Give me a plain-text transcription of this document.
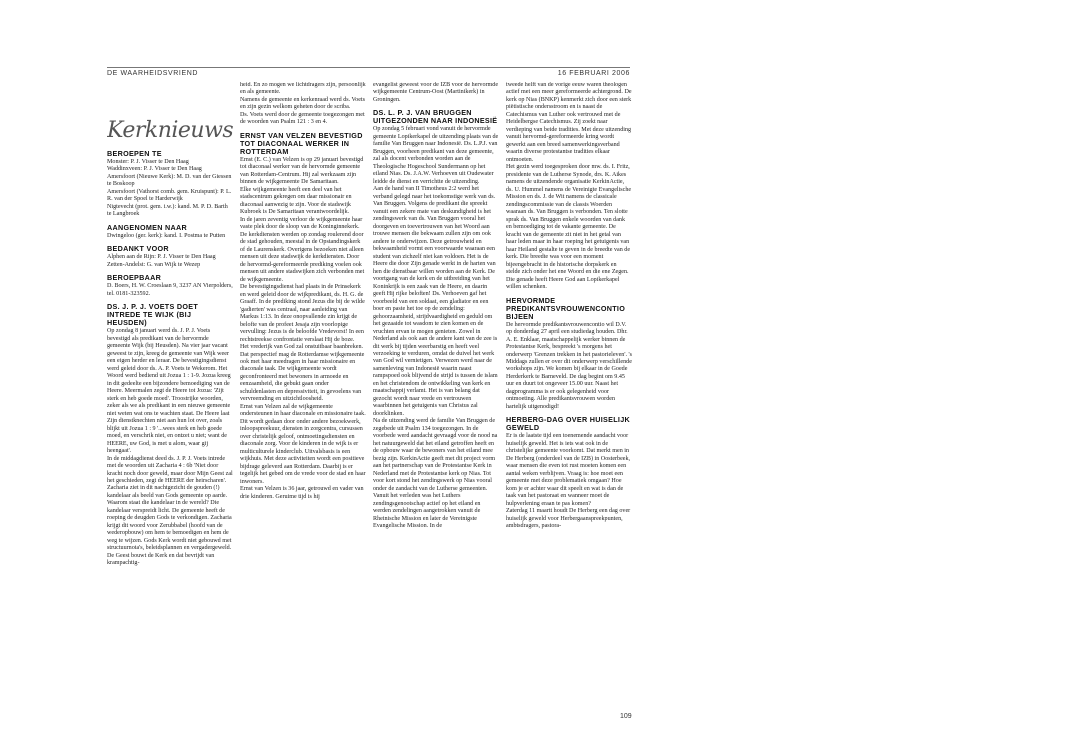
DE WAARHEIDSVRIEND	16 FEBRUARI 2006
Kerknieuws
BEROEPEN TE

Monster: P. J. Visser te Den Haag
Waddinxveen: P. J. Visser te Den Haag
Amersfoort (Nieuwe Kerk): M. D. van der Giessen te Boskoop
Amersfoort (Vathorst comb. gem. Kruispunt): P. L. R. van der Spoel te Harderwijk
Nigtevecht (prot. gem. i.w.): kand. M. P. D. Barth te Langbroek

AANGENOMEN NAAR

Dwingeloo (ger. kerk): kand. I. Postma te Putten

BEDANKT VOOR

Alphen aan de Rijn: P. J. Visser te Den Haag
Zetten-Andelst: G. van Wijk te Wezep

BEROEPBAAR

D. Boers, H. W. Croeslaan 9, 3237 AN Vierpolders, tel. 0181-323592.

DS. J. P. J. VOETS DOET INTREDE TE WIJK (BIJ HEUSDEN)

Op zondag 8 januari werd ds. J. P. J. Voets bevestigd als predikant van de hervormde gemeente Wijk (bij Heusden). Na vier jaar vacant geweest te zijn, kreeg de gemeente van Wijk weer een eigen herder en leraar. De bevestigingsdienst werd geleid door ds. A. P. Voets te Wekerom. Het Woord werd bediend uit Jozua 1 : 1-9. Jozua kreeg in dit gedeelte een bijzondere bemoediging van de Heere. Meermalen zegt de Heere tot Jozua: 'Zijt sterk en heb goede moed'. Troostrijke woorden, zeker als we als predikant in een nieuwe gemeente niet weten wat ons te wachten staat. De Heere laat Zijn dienstknechten niet aan hun lot over, zoals blijkt uit Jozua 1 : 9 '...wees sterk en heb goede moed, en verschrik niet, en ontzet u niet; want de HEERE, uw God, is met u alom, waar gij heengaat'.
In de middagdienst deed ds. J. P. J. Voets intrede met de woorden uit Zacharia 4 : 6b 'Niet door kracht noch door geweld, maar door Mijn Geest zal het geschieden, zegt de HEERE der heirscharen'. Zacharia ziet in dit nachtgezicht de gouden (!) kandelaar als beeld van Gods gemeente op aarde. Waarom staat die kandelaar in de wereld? Die kandelaar verspreidt licht. De gemeente heeft de roeping de deugden Gods te verkondigen. Zacharia krijgt dit woord voor Zerubbabel (hoofd van de wederopbouw) om hem te bemoedigen en hem de weg te wijzen. Gods Kerk wordt niet gebouwd met structuurnota's, beleidsplannen en vergadergeweld. De Geest bouwt de Kerk en dat bevrijdt van krampachtig-

heid. En zo mogen we lichtdragers zijn, persoonlijk en als gemeente.
Namens de gemeente en kerkenraad werd ds. Voets en zijn gezin welkom geheten door de scriba.
Ds. Voets werd door de gemeente toegezongen met de woorden van Psalm 121 : 3 en 4.

ERNST VAN VELZEN BEVESTIGD TOT DIACONAAL WERKER IN ROTTERDAM

Ernst (E. C.) van Velzen is op 29 januari bevestigd tot diaconaal werker van de hervormde gemeente van Rotterdam-Centrum. Hij zal werkzaam zijn binnen de wijkgemeente De Samaritaan.
Elke wijkgemeente heeft een deel van het stadscentrum gekregen om daar missionair en diaconaal aanwezig te zijn. Voor de stadswijk Kubroek is De Samaritaan verantwoordelijk.
In de jaren zeventig verloor de wijkgemeente haar vaste plek door de sloop van de Koninginnekerk. De kerkdiensten werden op zondag roulerend door de stad gehouden, meestal in de Opstandingskerk of de Laurenskerk. Overigens bezoeken niet alleen mensen uit deze stadswijk de kerkdiensten. Door de hervormd-gereformeerde prediking voelen ook mensen uit andere stadswijken zich verbonden met de wijkgemeente.
De bevestigingsdienst had plaats in de Prinsekerk en werd geleid door de wijkpredikant, ds. H. G. de Graaff. In de prediking stond Jezus die bij de wilde 'gadierten' was centraal, naar aanleiding van Markus 1:13. In deze onopvallende zin krijgt de belofte van de profeet Jesaja zijn voorlopige vervulling: Jezus is de beloofde Vredevorst! In een rechtstreekse confrontatie verslaat Hij de boze.
Het vrederijk van God zal onstuitbaar baanbreken. Dat perspectief mag de Rotterdamse wijkgemeente ook met haar meedragen in haar missionaire en diaconale taak. De wijkgemeente wordt geconfronteerd met bewoners in armoede en eenzaamheid, die gebukt gaan onder schuldenlasten en depressiviteit, in gevoelens van vervreemding en uitzichtloosheid.
Ernst van Velzen zal de wijkgemeente ondersteunen in haar diaconale en missionaire taak.
Dit wordt gedaan door onder andere bezoekwerk, inloopspreekuur, diensten in zorgcentra, cursussen over christelijk geloof, ontmoetingsdiensten en diaconale zorg. Voor de kinderen in de wijk is er multiculturele kinderclub. Uitvalsbasis is een wijkhuis. Met deze activiteiten wordt een positieve bijdrage geleverd aan Rotterdam. Daarbij is er tegelijk het gebed om de vrede voor de stad en haar inwoners.
Ernst van Velzen is 36 jaar, getrouwd en vader van drie kinderen. Geruime tijd is hij

evangelist geweest voor de IZB voor de hervormde wijkgemeente Centrum-Oost (Martinikerk) in Groningen.

DS. L. P. J. VAN BRUGGEN UITGEZONDEN NAAR INDONESIË

Op zondag 5 februari vond vanuit de hervormde gemeente Lopikerkapel de uitzending plaats van de familie Van Bruggen naar Indonesië. Ds. L.P.J. van Bruggen, voorheen predikant van deze gemeente, zal als docent verbonden worden aan de Theologische Hogeschool Sundermann op het eiland Nias. Ds. J.A.W. Verhoeven uit Oudewater leidde de dienst en verrichtte de uitzending.
Aan de hand van II Timotheus 2:2 werd het verband gelegd naar het toekomstige werk van ds. Van Bruggen. Volgens de predikant die spreekt vanuit een zekere mate van deskundigheid is het zendingswerk van ds. Van Bruggen vooral het doorgeven en toevertrouwen van het Woord aan trouwe mensen die bekwaam zullen zijn om ook andere te onderwijzen. Deze getrouwheid en bekwaamheid vormt een voorwaarde waaraan een student van zichzelf niet kan voldoen. Het is de Heere die door Zijn genade werkt in de harten van hen die dienstbaar willen worden aan de Kerk. De voortgang van de kerk en de uitbreiding van het Koninkrijk is een zaak van de Heere, en daarin geeft Hij rijke beloften! Ds. Verhoeven gaf het voorbeeld van een soldaat, een gladiator en een boer en paste het toe op de zendeling: gehoorzaamheid, strijdvaardigheid en geduld om het gezaaide tot wasdom te zien komen en de vruchten ervan te mogen genieten. Zowel in Nederland als ook aan de andere kant van de zee is dit werk bij tijden weerbarstig en heeft veel verzoeking te verduren, omdat de duivel het werk van God wil vernietigen. Verwezen werd naar de samenleving van Indonesië waarin naast rampspoed ook blijvend de strijd is tussen de islam en het christendom de ontwikkeling van kerk en maatschappij verlamt. Het is van belang dat gezocht wordt naar vrede en vertrouwen waarbinnen het getuigenis van Christus zal doorklinken.
Na de uitzending werd de familie Van Bruggen de zegebede uit Psalm 134 toegezongen. In de voorbede werd aandacht gevraagd voor de nood na het natuurgeweld dat het eiland getroffen heeft en de opbouw waar de bewoners van het eiland mee bezig zijn. KerkinActie geeft met dit project vorm aan het partnerschap van de Protestantse Kerk in Nederland met de Protestantse kerk op Nias. Tot voor kort stond het zendingswerk op Nias vooral onder de zandacht van de Lutherse gemeenten. Vanuit het verleden was het Luthers zendingsgenootschap actief op het eiland en werden zendelingen aangetrokken vanuit de Rheinische Mission en later de Vereinigste Evangelische Mission. In de

tweede helft van de vorige eeuw waren theologen actief met een meer gereformeerde achtergrond. De kerk op Nias (BNKP) kenmerkt zich door een sterk piëtistische ondersstroom en is naast de Catechismus van Luther ook vertrouwd met de Heidelbergse Catechismus. Zij zoekt naar verdieping van beide tradities. Met deze uitzending vanuit hervormd-gereformeerde kring wordt gewerkt aan een breed samenwerkingsverband waarin diverse protestantse tradities elkaar ontmoeten.
Het gezin werd toegesproken door mw. ds. I. Fritz, presidente van de Lutherse Synode, drs. K. Aikes namens de uitzendende organisatie KerkinActie, ds. U. Hummel namens de Vereinigte Evangelische Mission en ds. J. de Wit namens de classicale zendingscommissie van de classis Woerden waaraan ds. Van Bruggen is verbonden. Ten slotte sprak ds. Van Bruggen enkele woorden van dank en bemoediging tot de vakante gemeente. De kracht van de gemeente zit niet in het getal van haar leden maar in haar roeping het getuigenis van haar Heiland gestalte te geven in de breedte van de kerk. Die breedte was voor een moment bijeengebracht in de historische dorpskerk en stelde zich onder het ene Woord en die ene Zegen. Die genade heeft Heere God aan Lopikerkapel willen schenken.

HERVORMDE PREDIKANTSVROUWENCONTIO BIJEEN

De hervormde predikantsvrouwencontio wil D.V. op donderdag 27 april een studiedag houden. Dhr. A. E. Enklaar, maatschappelijk werker binnen de Protestantse Kerk, bespreekt 's morgens het onderwerp 'Grenzen trekken in het pastorieleven'. 's Middags zullen er over dit onderwerp verschillende workshops zijn. We komen bij elkaar in de Goede Herderkerk te Barneveld. De dag begint om 9.45 uur en duurt tot ongeveer 15.00 uur. Naast het dagprogramma is er ook gelegenheid voor ontmoeting. Alle predikantsvrouwen worden hartelijk uitgenodigd!

HERBERG-DAG OVER HUISELIJK GEWELD

Er is de laatste tijd een toenemende aandacht voor huiselijk geweld. Het is iets wat ook in de christelijke gemeente voorkomt. Dat merkt men in De Herberg (onderdeel van de IZB) in Oosterbeek, waar mensen die even tot rust moeten komen een aantal weken verblijven. Vraag is: hoe moet een gemeente met deze problematiek omgaan? Hoe kom je er achter waar dit speelt en wat is dan de taak van het pastoraat en wanneer moet de hulpverlening eraan te pas komen?
Zaterdag 11 maartt houdt De Herberg een dag over huiselijk geweld voor Herbergaanspreekpunten, ambtsdragers, pastora-

109
